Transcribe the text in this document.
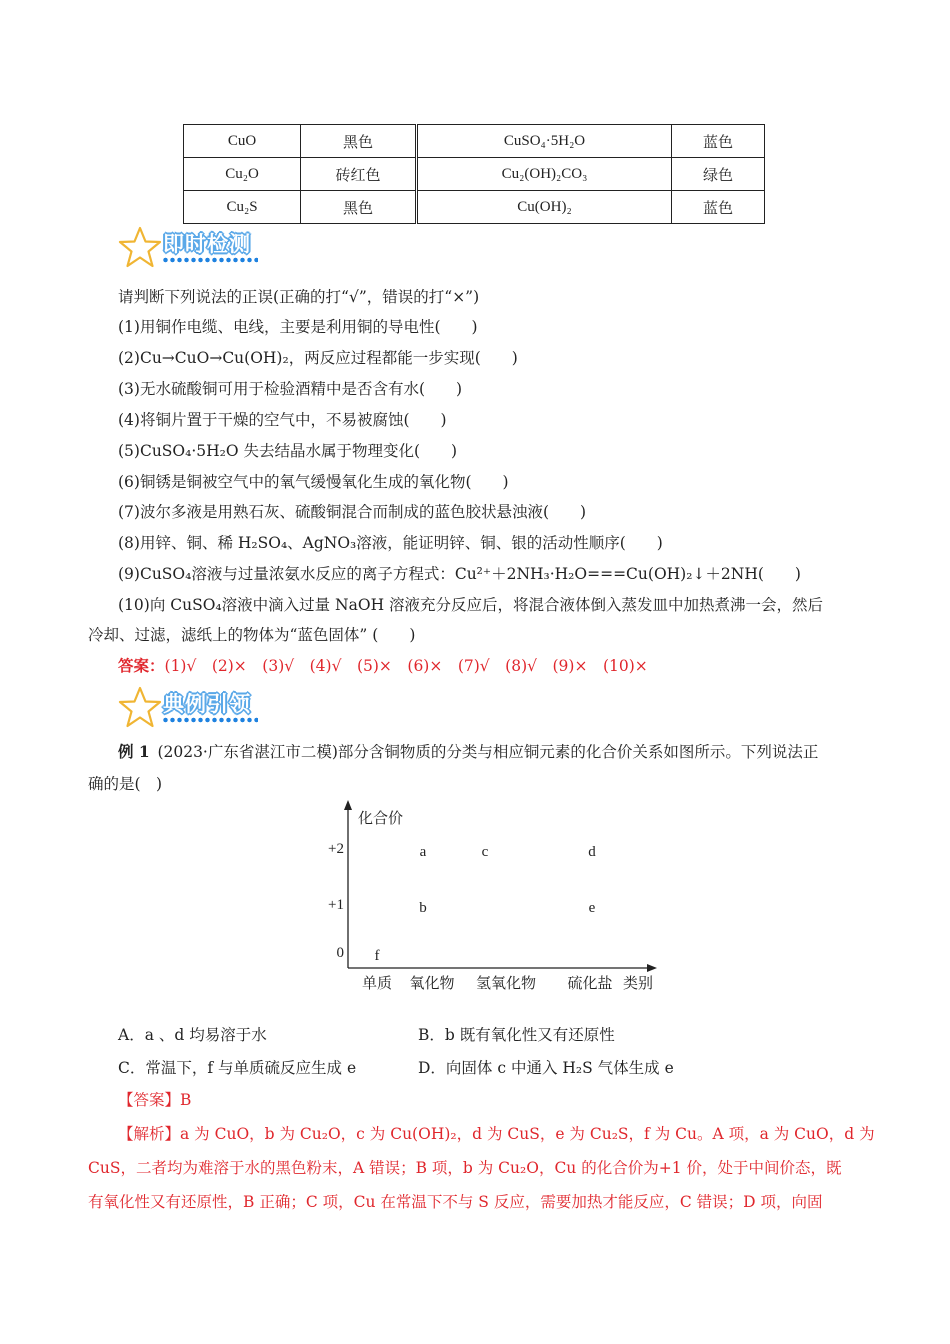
CuO	黑色	CuSO₄·5H₂O	蓝色
Cu₂O	砖红色	Cu₂(OH)₂CO₃	绿色
Cu₂S	黑色	Cu(OH)₂	蓝色
即时检测
请判断下列说法的正误(正确的打“√”，错误的打“×”)
(1)用铜作电缆、电线，主要是利用铜的导电性(　　)
(2)Cu→CuO→Cu(OH)₂，两反应过程都能一步实现(　　)
(3)无水硫酸铜可用于检验酒精中是否含有水(　　)
(4)将铜片置于干燥的空气中，不易被腐蚀(　　)
(5)CuSO₄·5H₂O 失去结晶水属于物理变化(　　)
(6)铜锈是铜被空气中的氧气缓慢氧化生成的氧化物(　　)
(7)波尔多液是用熟石灰、硫酸铜混合而制成的蓝色胶状悬浊液(　　)
(8)用锌、铜、稀 H₂SO₄、AgNO₃溶液，能证明锌、铜、银的活动性顺序(　　)
(9)CuSO₄溶液与过量浓氨水反应的离子方程式：Cu²⁺＋2NH₃·H₂O===Cu(OH)₂↓＋2NH(　　)
(10)向 CuSO₄溶液中滴入过量 NaOH 溶液充分反应后，将混合液体倒入蒸发皿中加热煮沸一会，然后
冷却、过滤，滤纸上的物体为“蓝色固体” (　　)
答案：(1)√　(2)×　(3)√　(4)√　(5)×　(6)×　(7)√　(8)√　(9)×　(10)×
典例引领
例 1  (2023·广东省湛江市二模)部分含铜物质的分类与相应铜元素的化合价关系如图所示。下列说法正
确的是(　)
化合价
类别
+2
+1
0
单质 氧化物 氢氧化物 硫化盐
a	c	d
b	e
f
A．a 、d 均易溶于水	B．b 既有氧化性又有还原性
C．常温下，f 与单质硫反应生成 e	D．向固体 c 中通入 H₂S 气体生成 e
【答案】B
【解析】a 为 CuO，b 为 Cu₂O，c 为 Cu(OH)₂，d 为 CuS，e 为 Cu₂S，f 为 Cu。A 项，a 为 CuO，d 为
CuS，二者均为难溶于水的黑色粉末，A 错误；B 项，b 为 Cu₂O，Cu 的化合价为+1 价，处于中间价态，既
有氧化性又有还原性，B 正确；C 项，Cu 在常温下不与 S 反应，需要加热才能反应，C 错误；D 项，向固
